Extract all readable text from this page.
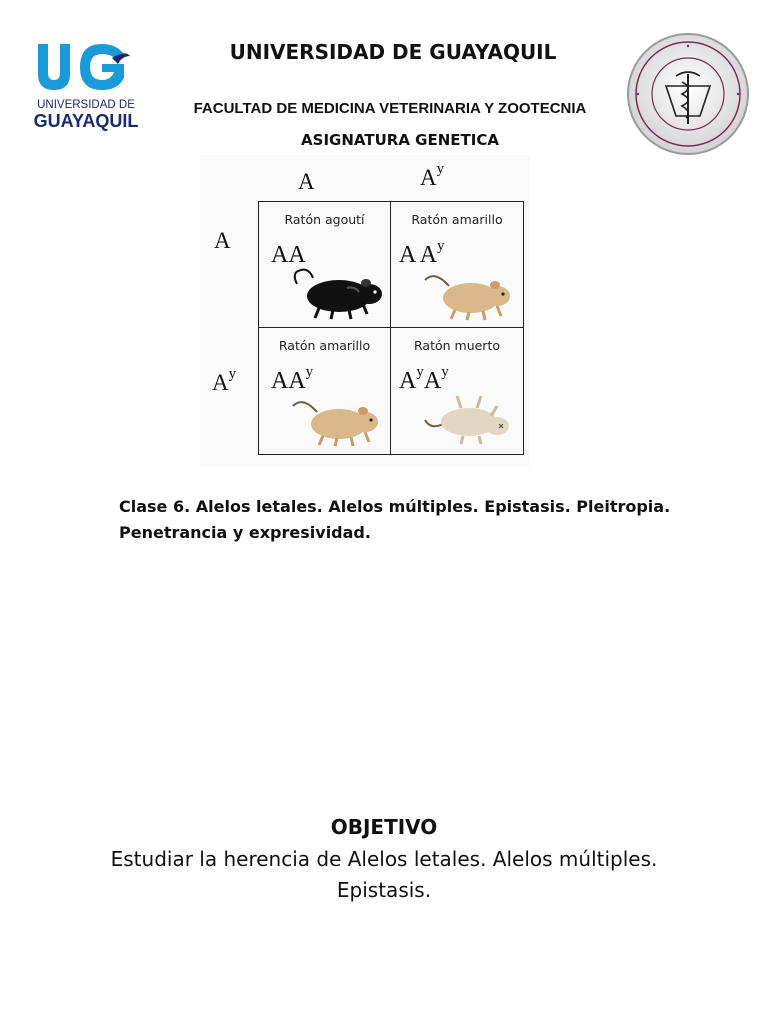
UNIVERSIDAD DE
GUAYAQUIL
UNIVERSIDAD DE GUAYAQUIL
FACULTAD DE MEDICINA VETERINARIA Y ZOOTECNIA
ASIGNATURA GENETICA
A	$A^y$
A
$A^y$
Ratón agoutí
AA
Ratón amarillo
A $A^y$
Ratón amarillo
$AA^y$
Ratón muerto
$A^yA^y$
Clase 6. Alelos letales. Alelos múltiples. Epistasis. Pleitropia.
Penetrancia y expresividad.
OBJETIVO
Estudiar la herencia de Alelos letales. Alelos múltiples.
Epistasis.
